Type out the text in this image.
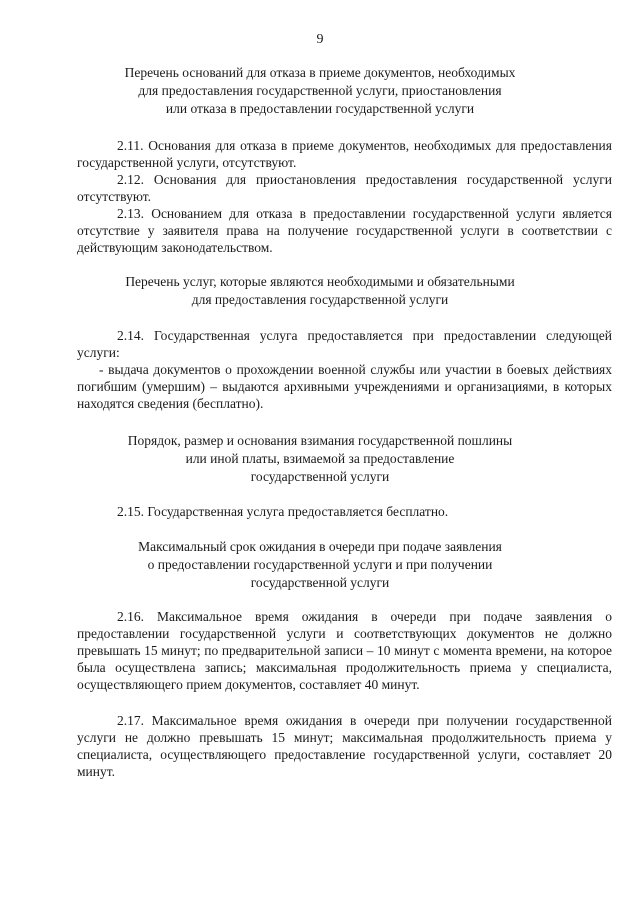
9
Перечень оснований для отказа в приеме документов, необходимых
для предоставления государственной услуги, приостановления
или отказа в предоставлении государственной услуги

2.11. Основания для отказа в приеме документов, необходимых для предоставления государственной услуги, отсутствуют.

2.12. Основания для приостановления предоставления государственной услуги отсутствуют.

2.13. Основанием для отказа в предоставлении государственной услуги является отсутствие у заявителя права на получение государственной услуги в соответствии с действующим законодательством.

Перечень услуг, которые являются необходимыми и обязательными
для предоставления государственной услуги

2.14. Государственная услуга предоставляется при предоставлении следующей услуги:

- выдача документов о прохождении военной службы или участии в боевых действиях погибшим (умершим) – выдаются архивными учреждениями и организациями, в которых находятся сведения (бесплатно).

Порядок, размер и основания взимания государственной пошлины
или иной платы, взимаемой за предоставление
государственной услуги

2.15. Государственная услуга предоставляется бесплатно.

Максимальный срок ожидания в очереди при подаче заявления
о предоставлении государственной услуги и при получении
государственной услуги

2.16. Максимальное время ожидания в очереди при подаче заявления о предоставлении государственной услуги и соответствующих документов не должно превышать 15 минут; по предварительной записи – 10 минут с момента времени, на которое была осуществлена запись; максимальная продолжительность приема у специалиста, осуществляющего прием документов, составляет 40 минут.

2.17. Максимальное время ожидания в очереди при получении государственной услуги не должно превышать 15 минут; максимальная продолжительность приема у специалиста, осуществляющего предоставление государственной услуги, составляет 20 минут.
